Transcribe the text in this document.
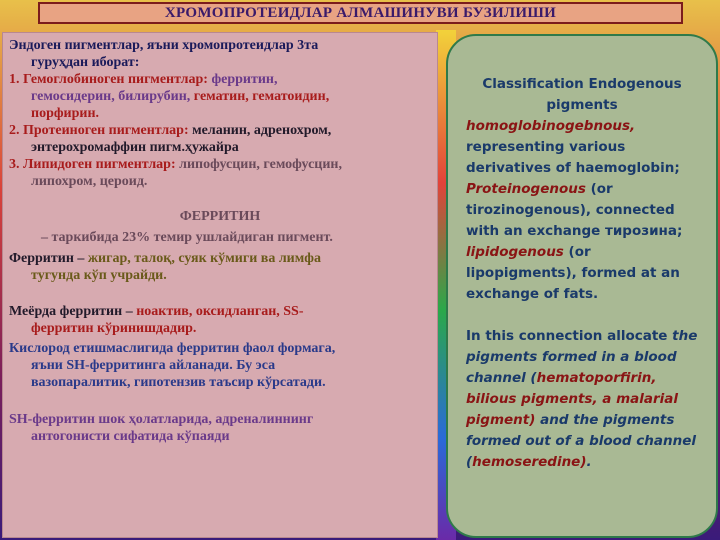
ХРОМОПРОТЕИДЛАР АЛМАШИНУВИ БУЗИЛИШИ

Эндоген пигментлар, яъни хромопротеидлар 3та
гуруҳдан иборат:

1. Гемоглобиноген пигментлар: ферритин,
гемосидерин, билирубин, гематин, гематоидин,
порфирин.

2. Протеиноген пигментлар: меланин, адренохром,
энтерохромаффин пигм.ҳужайра

3. Липидоген пигментлар: липофусцин, гемофусцин,
липохром, цероид.

ФЕРРИТИН

– таркибида 23% темир ушлайдиган пигмент.

Ферритин – жигар, талоқ, суяк кўмиги ва лимфа
тугунда кўп учрайди.

Меёрда ферритин – ноактив, оксидланган, SS-
ферритин кўринишдадир.

Кислород етишмаслигида ферритин фаол формага,
яъни SH-ферритинга айланади. Бу эса
вазопаралитик, гипотензив таъсир кўрсатади.

SH-ферритин шок ҳолатларида, адреналиннинг
антогонисти сифатида кўпаяди

Classification Endogenous
pigments

homoglobinogebnous, representing various derivatives of haemoglobin; Proteinogenous (or tirozinogenous), connected with an exchange тирозина; lipidogenous (or lipopigments), formed at an exchange of fats.

In this connection allocate the pigments formed in a blood channel (hematoporfirin, bilious pigments, a malarial pigment) and the pigments formed out of a blood channel (hemoseredine).
